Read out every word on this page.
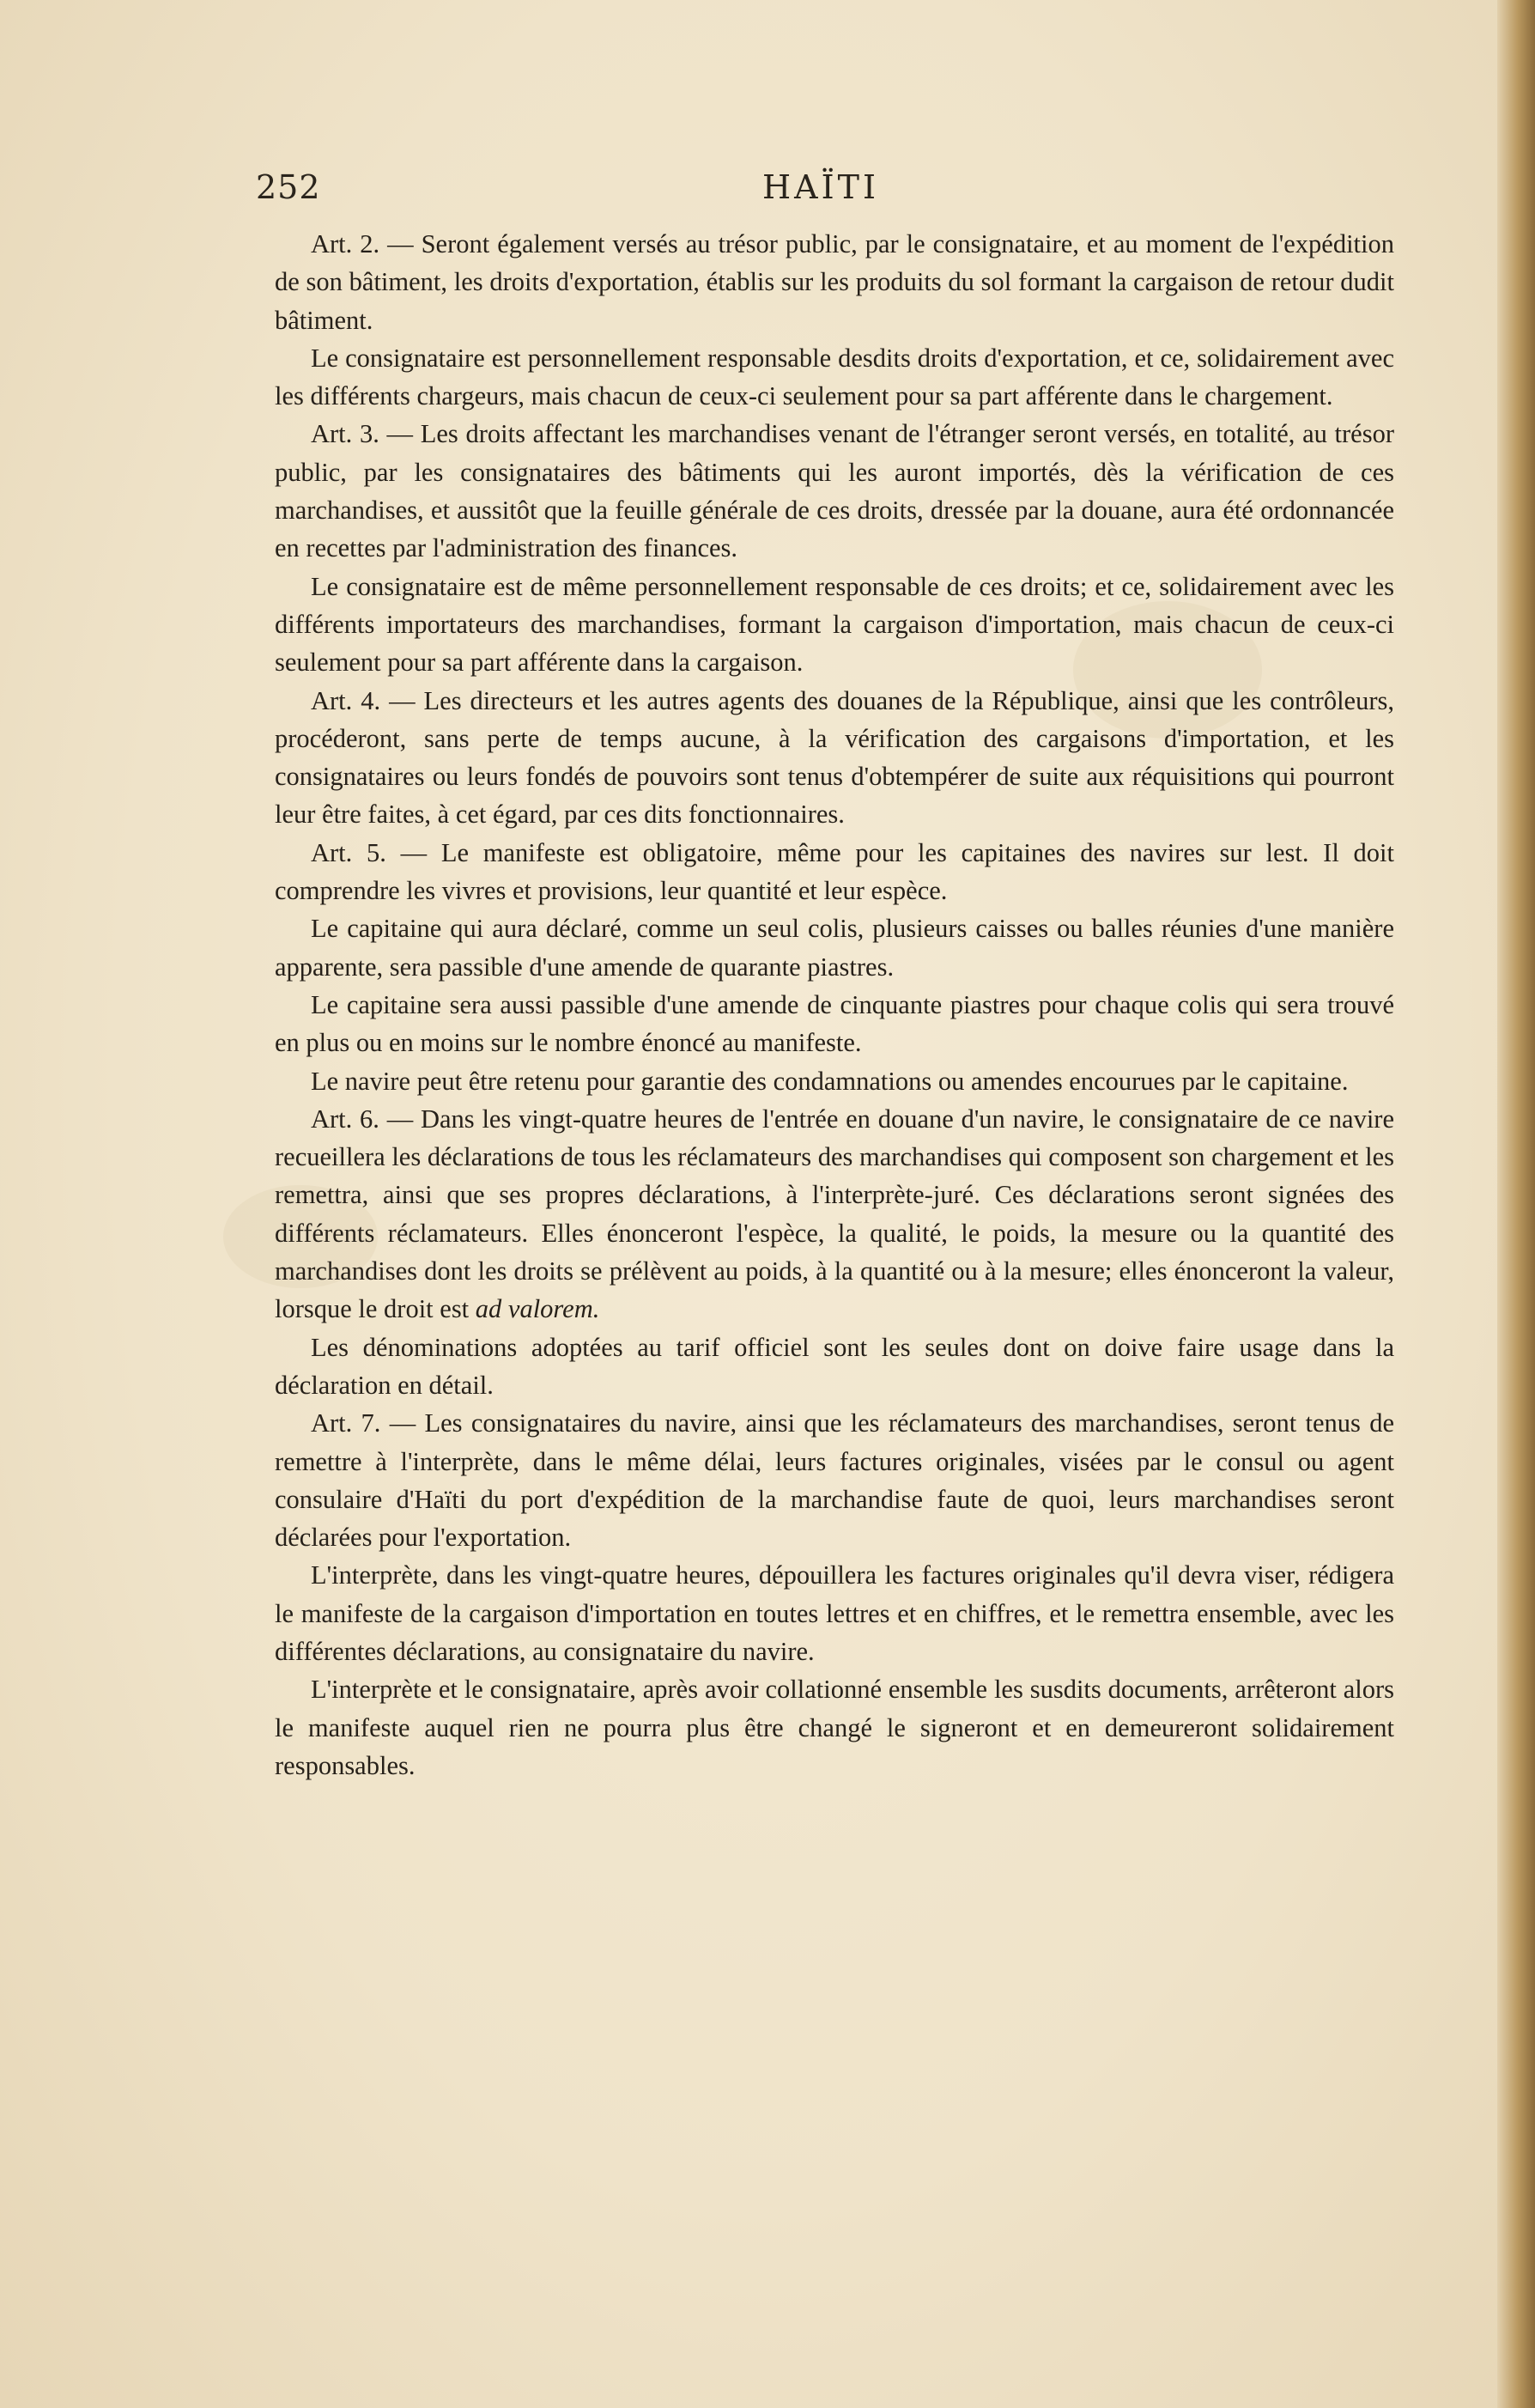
252	HAÏTI

Art. 2. — Seront également versés au trésor public, par le consignataire, et au moment de l'expédition de son bâtiment, les droits d'exportation, établis sur les produits du sol formant la cargaison de retour dudit bâtiment.

Le consignataire est personnellement responsable desdits droits d'exportation, et ce, solidairement avec les différents chargeurs, mais chacun de ceux-ci seulement pour sa part afférente dans le chargement.

Art. 3. — Les droits affectant les marchandises venant de l'étranger seront versés, en totalité, au trésor public, par les consignataires des bâtiments qui les auront importés, dès la vérification de ces marchandises, et aussitôt que la feuille générale de ces droits, dressée par la douane, aura été ordonnancée en recettes par l'administration des finances.

Le consignataire est de même personnellement responsable de ces droits; et ce, solidairement avec les différents importateurs des marchandises, formant la cargaison d'importation, mais chacun de ceux-ci seulement pour sa part afférente dans la cargaison.

Art. 4. — Les directeurs et les autres agents des douanes de la République, ainsi que les contrôleurs, procéderont, sans perte de temps aucune, à la vérification des cargaisons d'importation, et les consignataires ou leurs fondés de pouvoirs sont tenus d'obtempérer de suite aux réquisitions qui pourront leur être faites, à cet égard, par ces dits fonctionnaires.

Art. 5. — Le manifeste est obligatoire, même pour les capitaines des navires sur lest. Il doit comprendre les vivres et provisions, leur quantité et leur espèce.

Le capitaine qui aura déclaré, comme un seul colis, plusieurs caisses ou balles réunies d'une manière apparente, sera passible d'une amende de quarante piastres.

Le capitaine sera aussi passible d'une amende de cinquante piastres pour chaque colis qui sera trouvé en plus ou en moins sur le nombre énoncé au manifeste.

Le navire peut être retenu pour garantie des condamnations ou amendes encourues par le capitaine.

Art. 6. — Dans les vingt-quatre heures de l'entrée en douane d'un navire, le consignataire de ce navire recueillera les déclarations de tous les réclamateurs des marchandises qui composent son chargement et les remettra, ainsi que ses propres déclarations, à l'interprète-juré. Ces déclarations seront signées des différents réclamateurs. Elles énonceront l'espèce, la qualité, le poids, la mesure ou la quantité des marchandises dont les droits se prélèvent au poids, à la quantité ou à la mesure; elles énonceront la valeur, lorsque le droit est ad valorem.

Les dénominations adoptées au tarif officiel sont les seules dont on doive faire usage dans la déclaration en détail.

Art. 7. — Les consignataires du navire, ainsi que les réclamateurs des marchandises, seront tenus de remettre à l'interprète, dans le même délai, leurs factures originales, visées par le consul ou agent consulaire d'Haïti du port d'expédition de la marchandise faute de quoi, leurs marchandises seront déclarées pour l'exportation.

L'interprète, dans les vingt-quatre heures, dépouillera les factures originales qu'il devra viser, rédigera le manifeste de la cargaison d'importation en toutes lettres et en chiffres, et le remettra ensemble, avec les différentes déclarations, au consignataire du navire.

L'interprète et le consignataire, après avoir collationné ensemble les susdits documents, arrêteront alors le manifeste auquel rien ne pourra plus être changé le signeront et en demeureront solidairement responsables.
